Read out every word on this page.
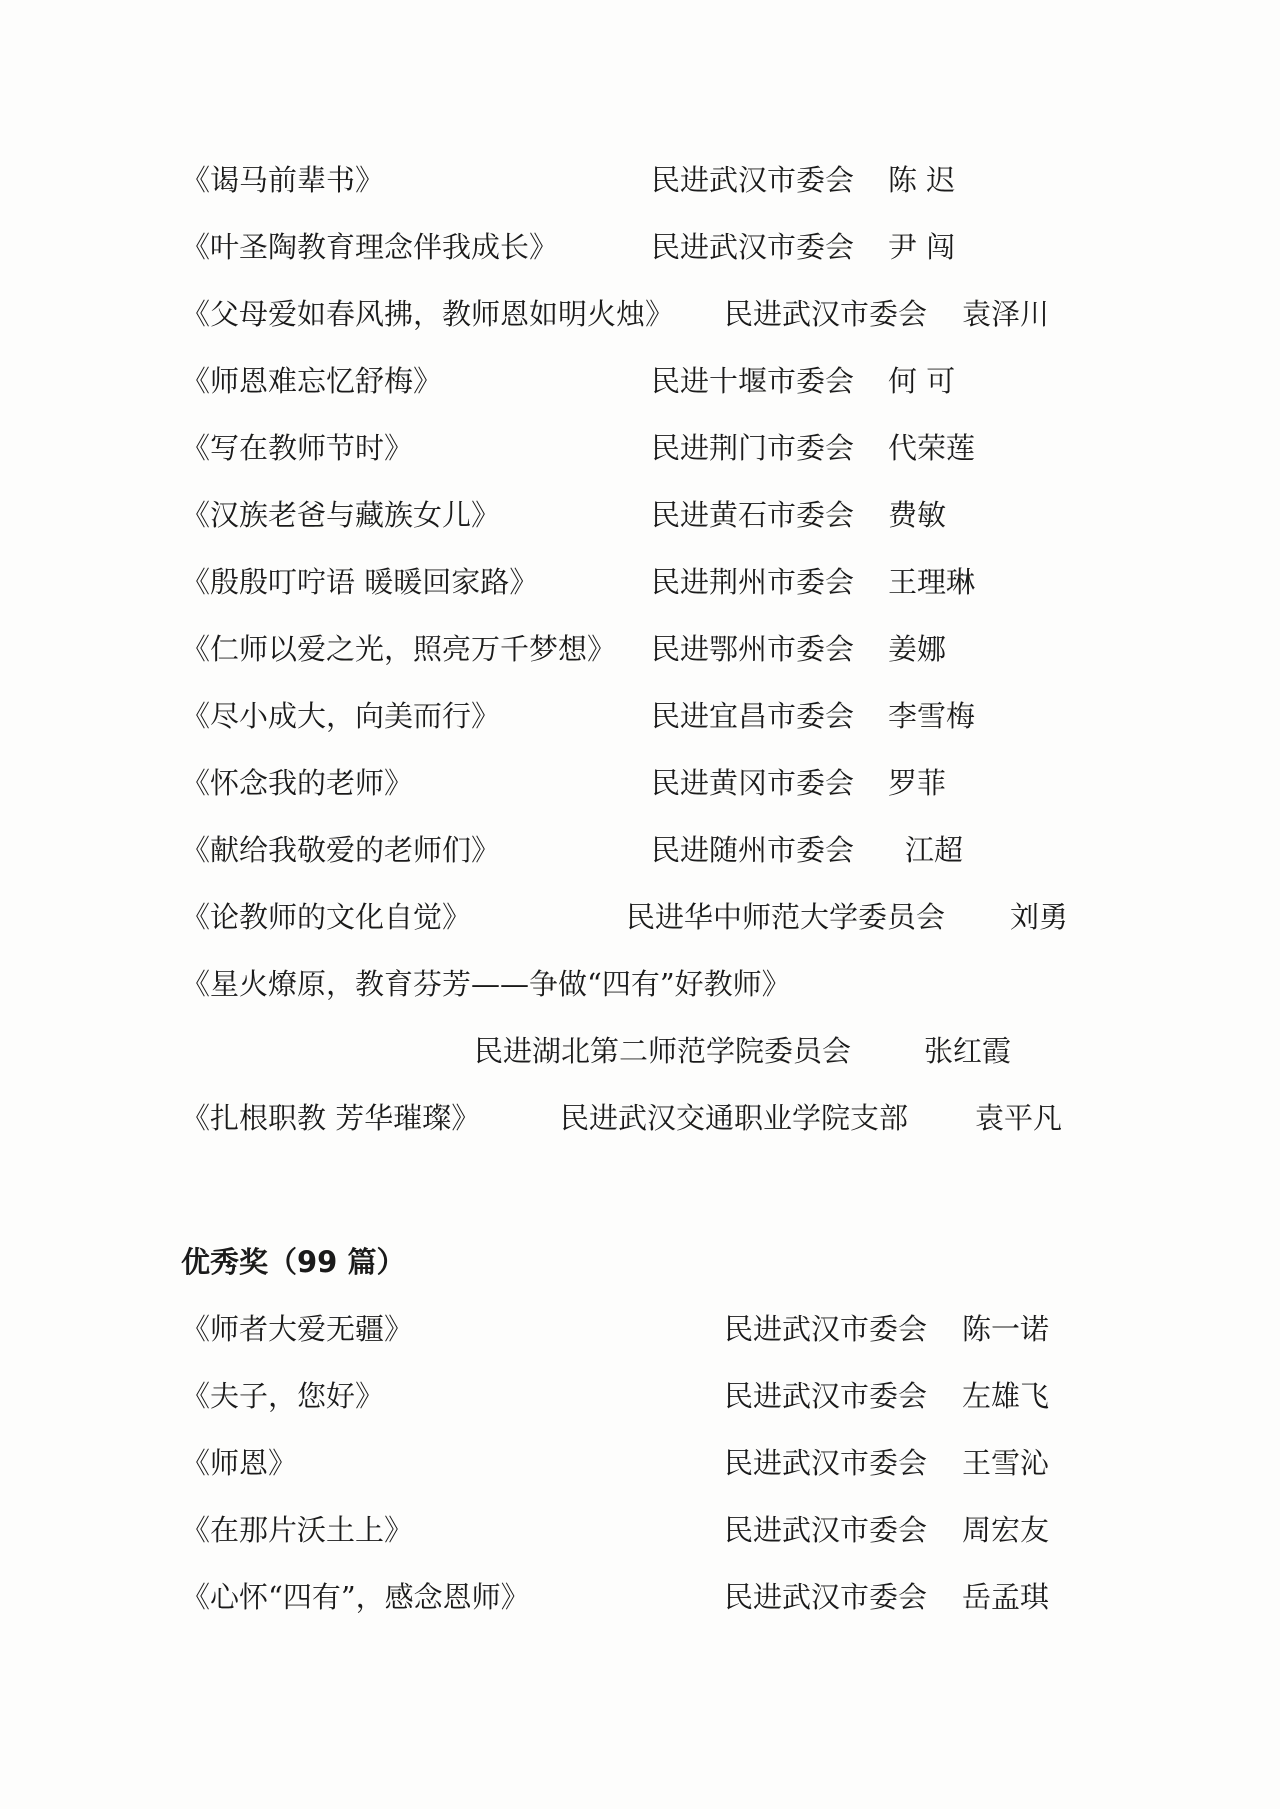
《谒马前辈书》	民进武汉市委会 陈 迟
《叶圣陶教育理念伴我成长》	民进武汉市委会 尹 闯
《父母爱如春风拂，教师恩如明火烛》 民进武汉市委会 袁泽川
《师恩难忘忆舒梅》	民进十堰市委会 何 可
《写在教师节时》	民进荆门市委会 代荣莲
《汉族老爸与藏族女儿》	民进黄石市委会 费敏
《殷殷叮咛语 暖暖回家路》	民进荆州市委会 王理琳
《仁师以爱之光，照亮万千梦想》 民进鄂州市委会 姜娜
《尽小成大，向美而行》	民进宜昌市委会 李雪梅
《怀念我的老师》	民进黄冈市委会 罗菲
《献给我敬爱的老师们》	民进随州市委会 江超
《论教师的文化自觉》	民进华中师范大学委员会 刘勇
《星火燎原，教育芬芳——争做“四有”好教师》
民进湖北第二师范学院委员会	张红霞
《扎根职教 芳华璀璨》	民进武汉交通职业学院支部 袁平凡
优秀奖（99 篇）
《师者大爱无疆》	民进武汉市委会 陈一诺
《夫子，您好》	民进武汉市委会 左雄飞
《师恩》	民进武汉市委会 王雪沁
《在那片沃土上》	民进武汉市委会 周宏友
《心怀“四有”，感念恩师》	民进武汉市委会 岳孟琪
